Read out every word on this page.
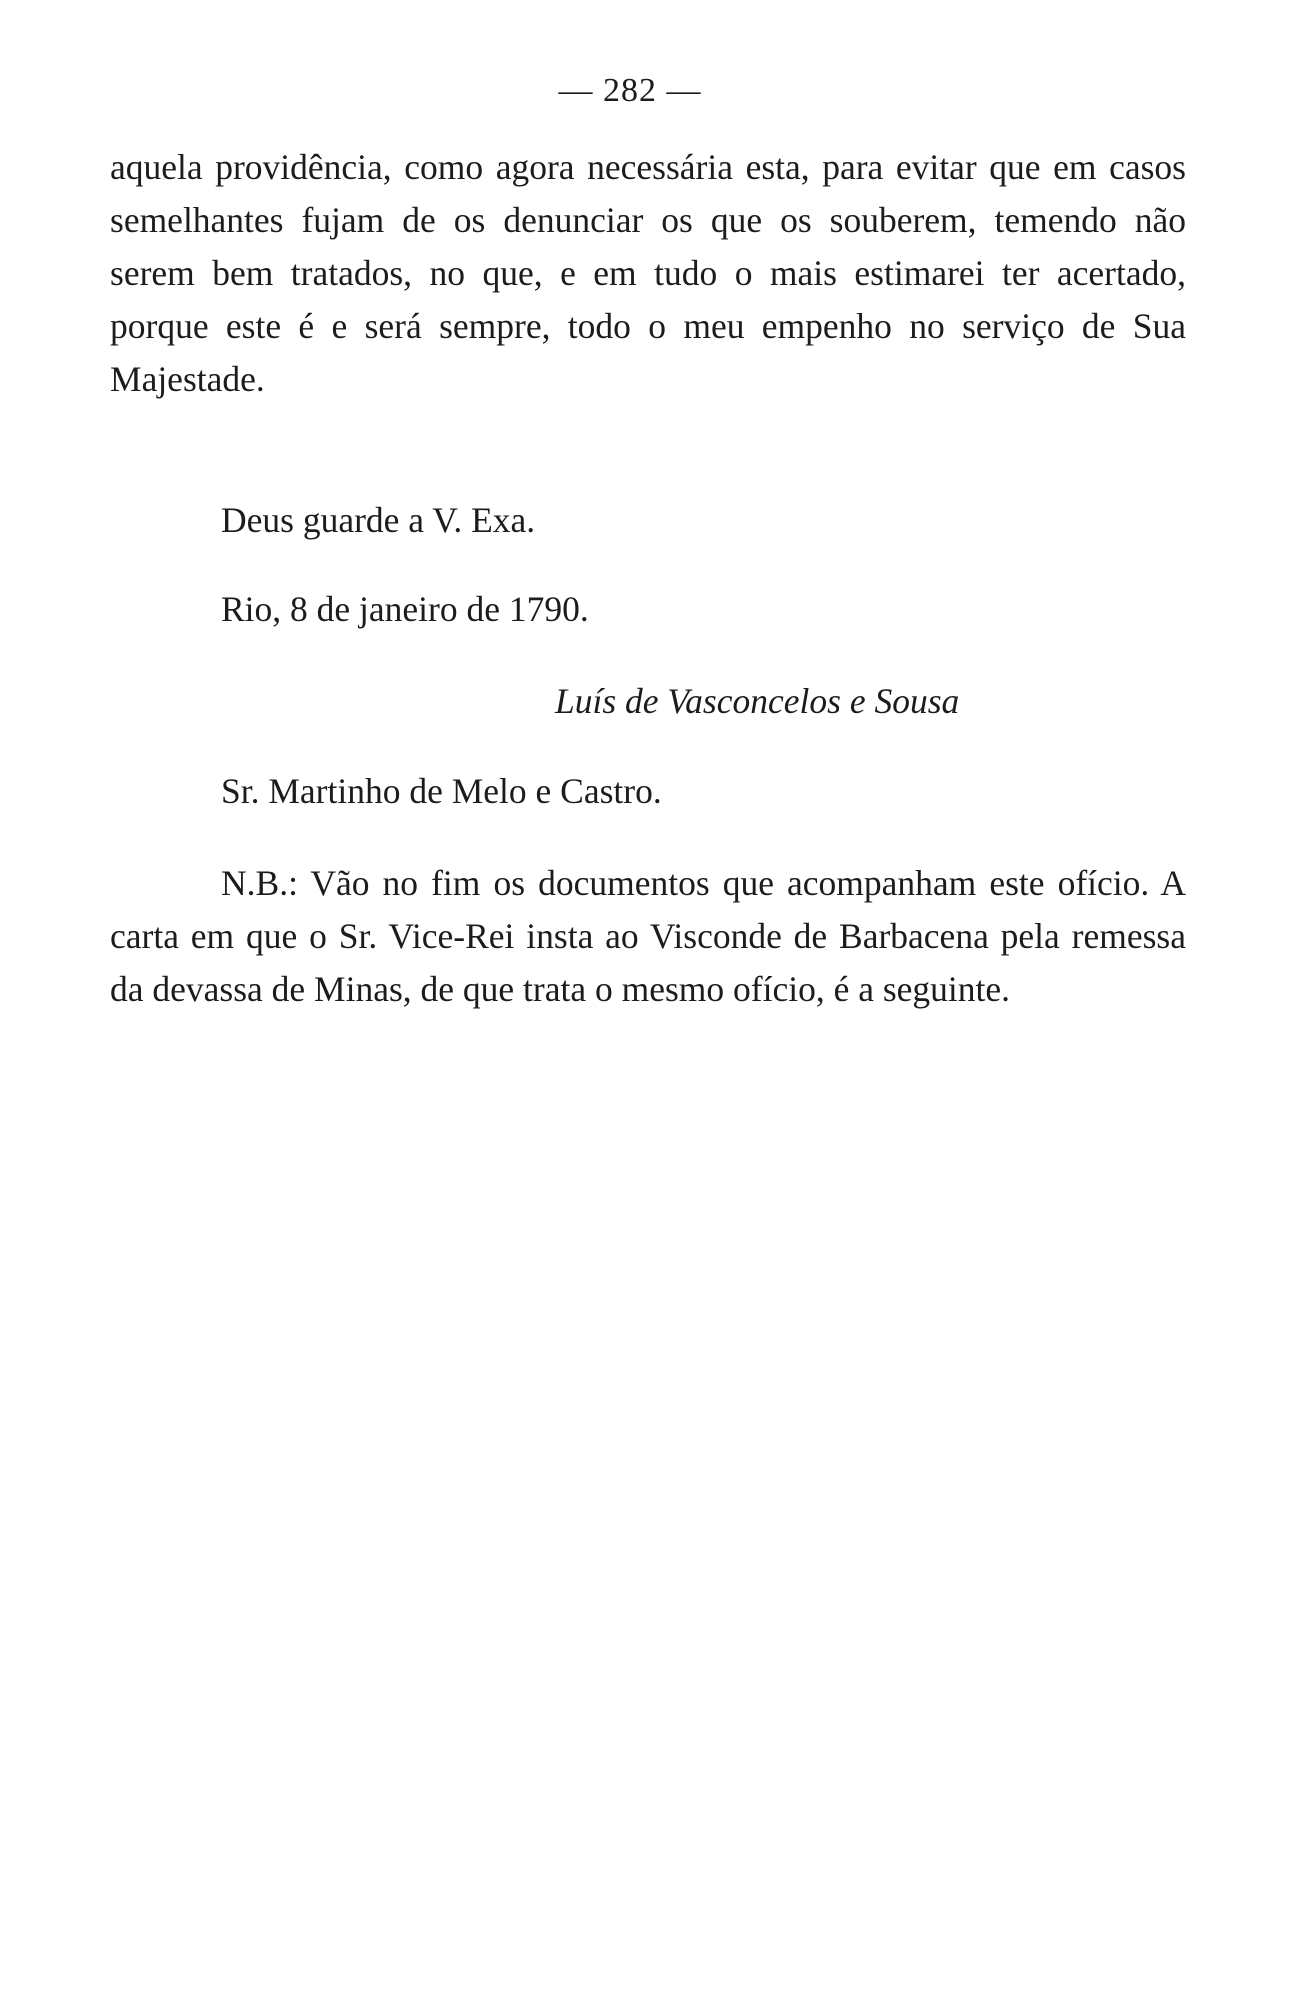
— 282 —

aquela providência, como agora necessária esta, para evitar que em casos semelhantes fujam de os denunciar os que os souberem, temendo não serem bem tratados, no que, e em tudo o mais estimarei ter acertado, porque este é e será sempre, todo o meu empenho no serviço de Sua Majestade.

Deus guarde a V. Exa.

Rio, 8 de janeiro de 1790.

Luís de Vasconcelos e Sousa

Sr. Martinho de Melo e Castro.

N.B.: Vão no fim os documentos que acompanham este ofício. A carta em que o Sr. Vice-Rei insta ao Visconde de Barbacena pela remessa da devassa de Minas, de que trata o mesmo ofício, é a seguinte.
